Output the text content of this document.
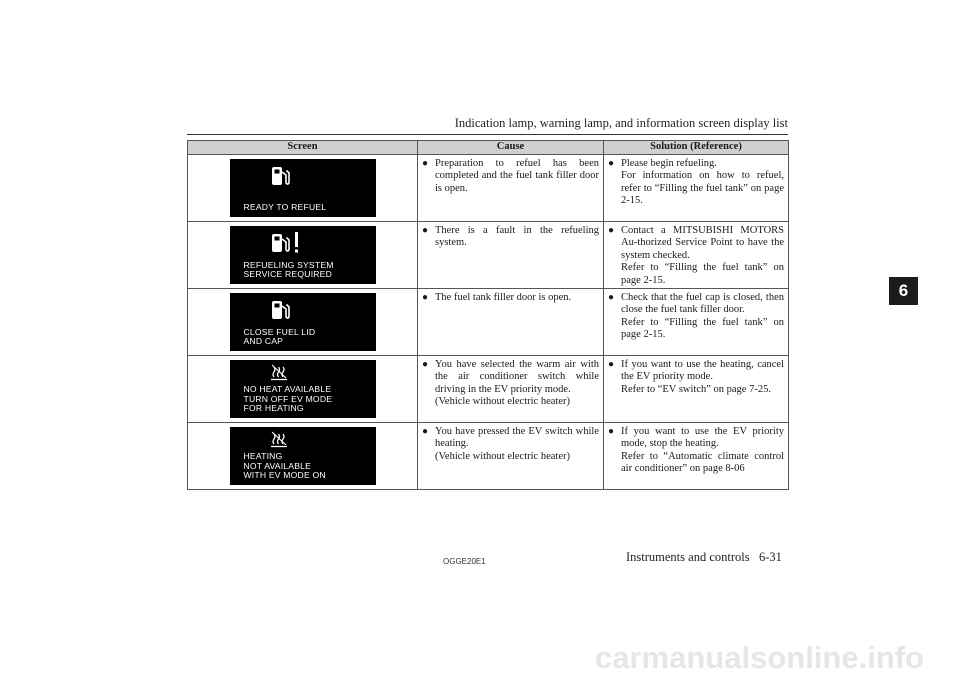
Indication lamp, warning lamp, and information screen display list
6
Screen	Cause	Solution (Reference)

READY TO REFUEL	● Preparation to refuel has been completed and the fuel tank filler door is open.	● Please begin refueling.
For information on how to refuel, refer to “Filling the fuel tank” on page 2-15.

REFUELING SYSTEM
SERVICE REQUIRED	● There is a fault in the refueling system.	● Contact a MITSUBISHI MOTORS Au-thorized Service Point to have the system checked.
Refer to “Filling the fuel tank” on page 2-15.

CLOSE FUEL LID
AND CAP	● The fuel tank filler door is open.	● Check that the fuel cap is closed, then close the fuel tank filler door.
Refer to “Filling the fuel tank” on page 2-15.

NO HEAT AVAILABLE
TURN OFF EV MODE
FOR HEATING	● You have selected the warm air with the air conditioner switch while driving in the EV priority mode.
(Vehicle without electric heater)	● If you want to use the heating, cancel the EV priority mode.
Refer to “EV switch” on page 7-25.

HEATING
NOT AVAILABLE
WITH EV MODE ON	● You have pressed the EV switch while heating.
(Vehicle without electric heater)	● If you want to use the EV priority mode, stop the heating.
Refer to “Automatic climate control air conditioner” on page 8-06
OGGE20E1	Instruments and controls 6-31
carmanualsonline.info
